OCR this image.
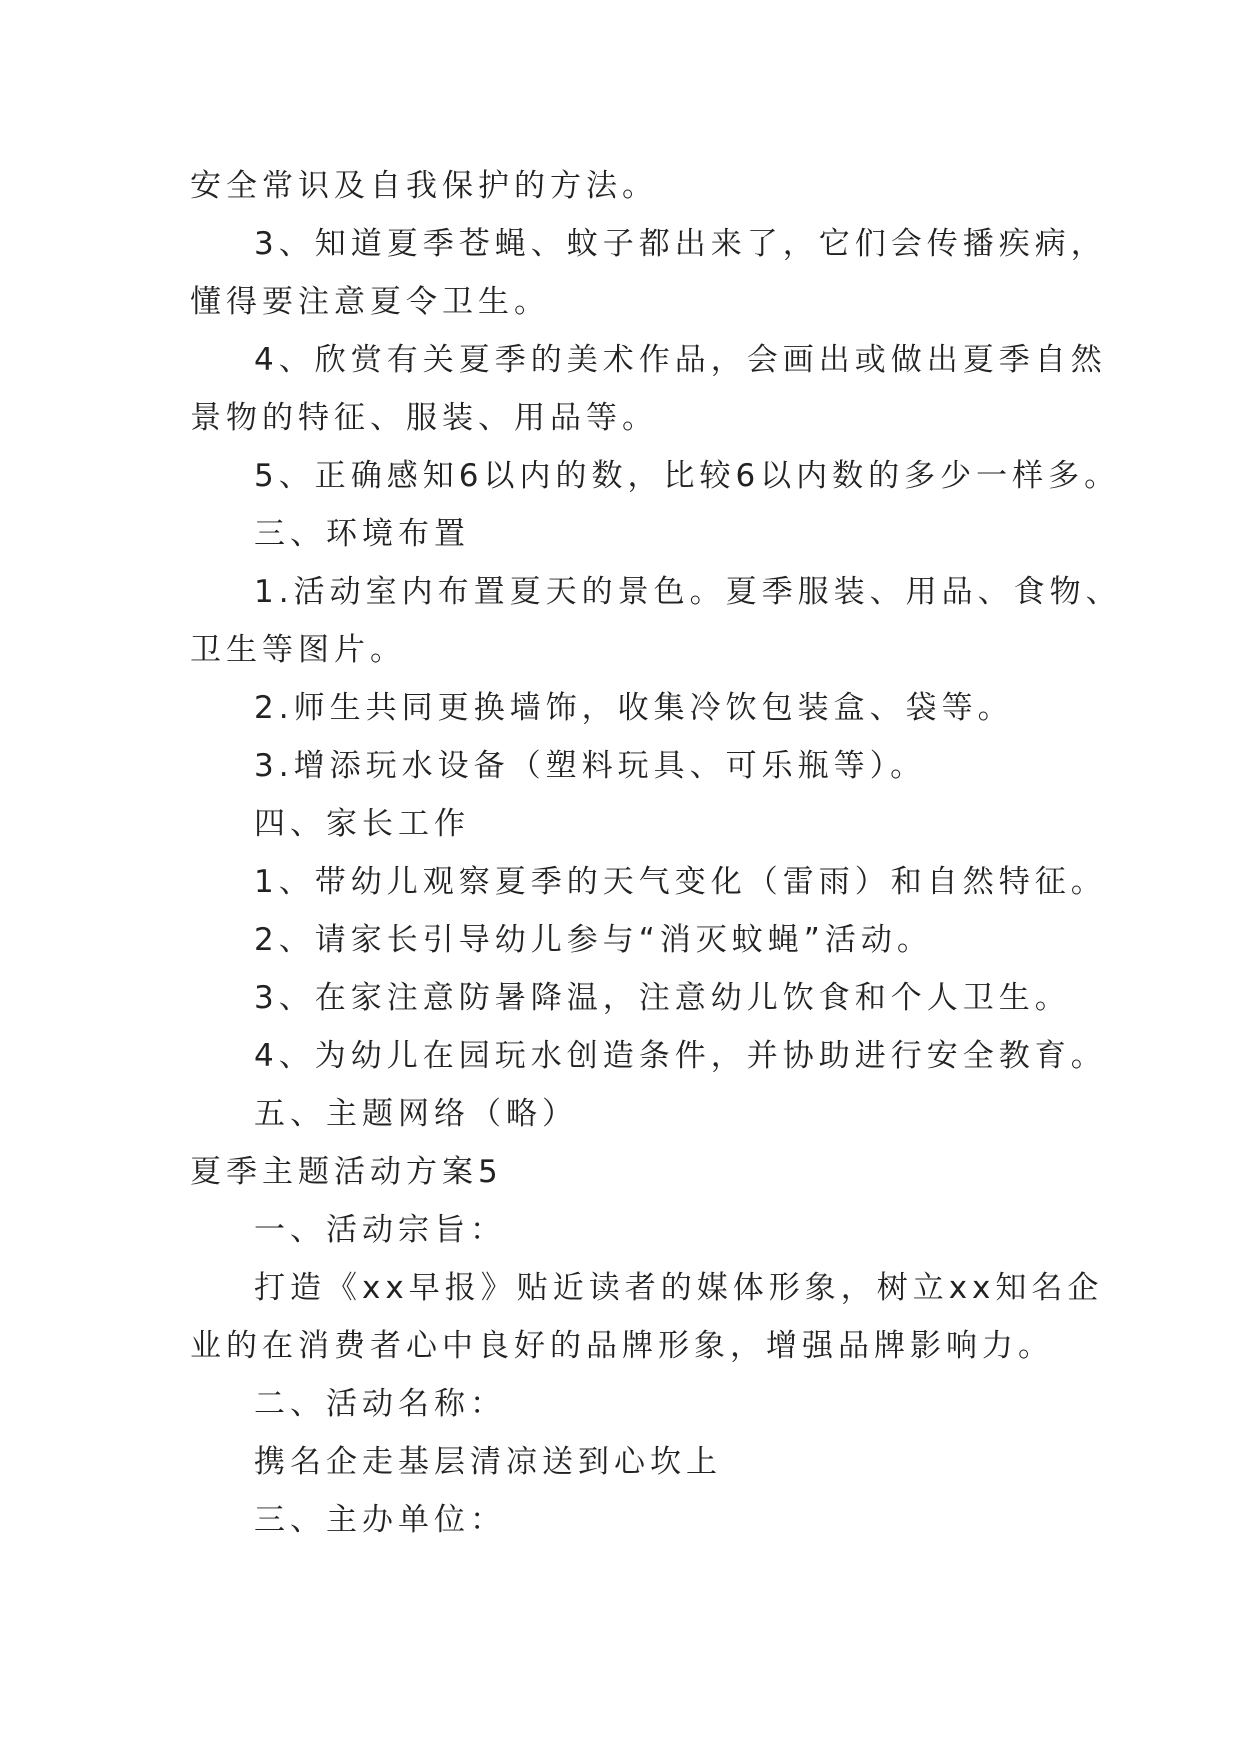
安全常识及自我保护的方法。
3、知道夏季苍蝇、蚊子都出来了，它们会传播疾病，
懂得要注意夏令卫生。
4、欣赏有关夏季的美术作品，会画出或做出夏季自然
景物的特征、服装、用品等。
5、正确感知6以内的数，比较6以内数的多少一样多。
三、环境布置
1.活动室内布置夏天的景色。夏季服装、用品、食物、
卫生等图片。
2.师生共同更换墙饰，收集冷饮包装盒、袋等。
3.增添玩水设备（塑料玩具、可乐瓶等）。
四、家长工作
1、带幼儿观察夏季的天气变化（雷雨）和自然特征。
2、请家长引导幼儿参与“消灭蚊蝇”活动。
3、在家注意防暑降温，注意幼儿饮食和个人卫生。
4、为幼儿在园玩水创造条件，并协助进行安全教育。
五、主题网络（略）
夏季主题活动方案5
一、活动宗旨：
打造《xx早报》贴近读者的媒体形象，树立xx知名企
业的在消费者心中良好的品牌形象，增强品牌影响力。
二、活动名称：
携名企走基层清凉送到心坎上
三、主办单位：
